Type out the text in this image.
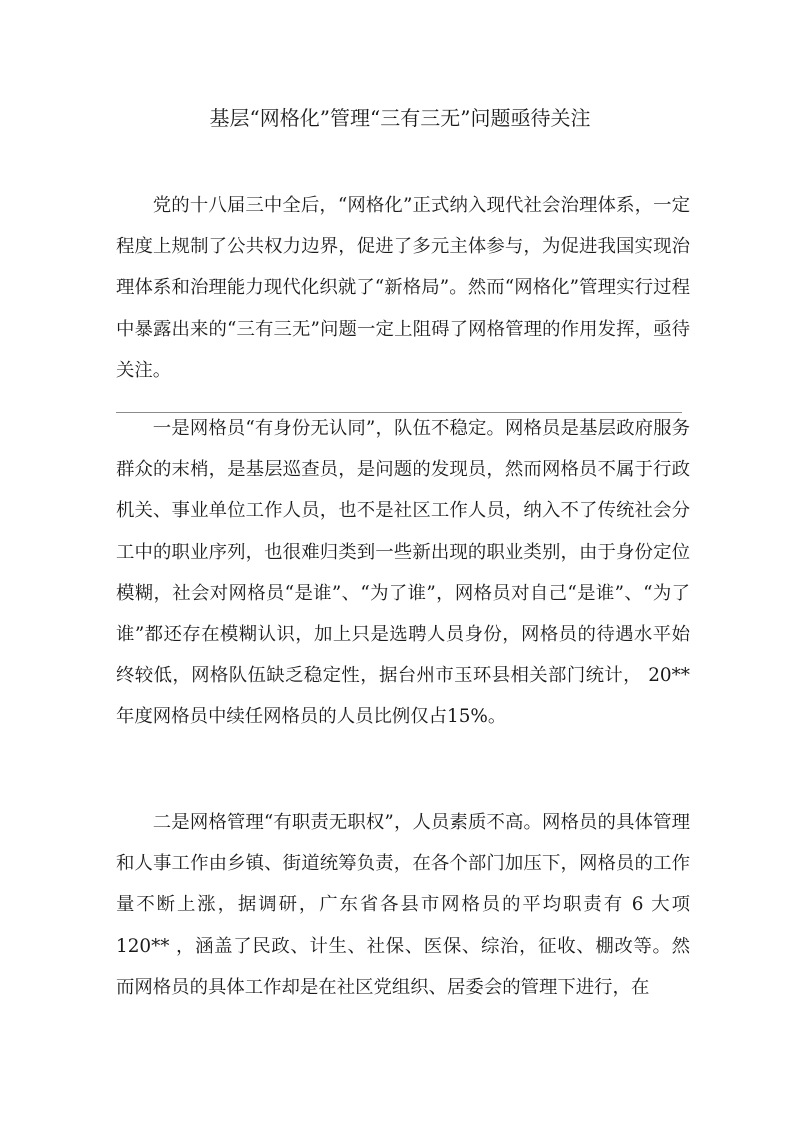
基层“网格化”管理“三有三无”问题亟待关注

党的十八届三中全后，“网格化”正式纳入现代社会治理体系，一定程度上规制了公共权力边界，促进了多元主体参与，为促进我国实现治理体系和治理能力现代化织就了“新格局”。然而“网格化”管理实行过程中暴露出来的“三有三无”问题一定上阻碍了网格管理的作用发挥，亟待关注。

一是网格员“有身份无认同”，队伍不稳定。网格员是基层政府服务群众的末梢，是基层巡查员，是问题的发现员，然而网格员不属于行政机关、事业单位工作人员，也不是社区工作人员，纳入不了传统社会分工中的职业序列，也很难归类到一些新出现的职业类别，由于身份定位模糊，社会对网格员“是谁”、“为了谁”，网格员对自己“是谁”、“为了谁”都还存在模糊认识，加上只是选聘人员身份，网格员的待遇水平始终较低，网格队伍缺乏稳定性，据台州市玉环县相关部门统计， 20** 年度网格员中续任网格员的人员比例仅占15%。

二是网格管理“有职责无职权”，人员素质不高。网格员的具体管理和人事工作由乡镇、街道统筹负责，在各个部门加压下，网格员的工作量不断上涨，据调研，广东省各县市网格员的平均职责有 6 大项 120** ，涵盖了民政、计生、社保、医保、综治，征收、棚改等。然而网格员的具体工作却是在社区党组织、居委会的管理下进行，在
